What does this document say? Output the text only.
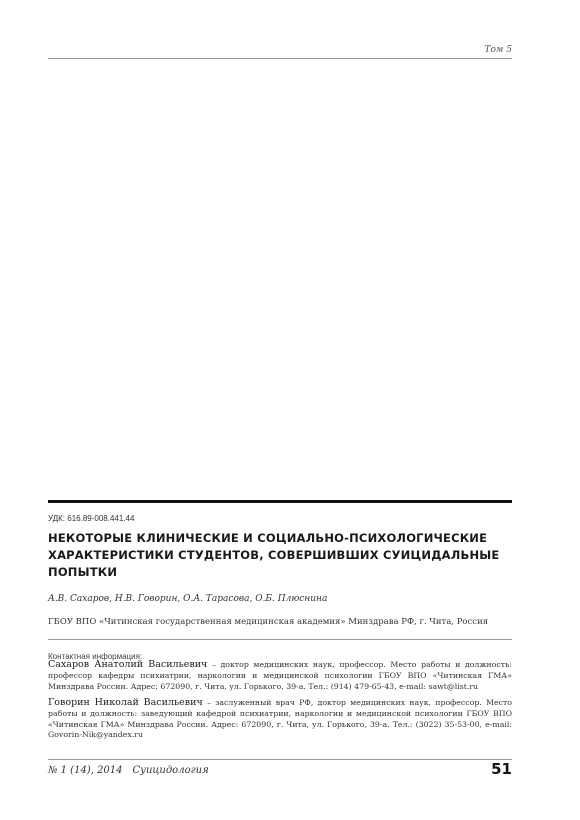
Том 5
УДК: 616.89-008.441.44
НЕКОТОРЫЕ КЛИНИЧЕСКИЕ И СОЦИАЛЬНО-ПСИХОЛОГИЧЕСКИЕ ХАРАКТЕРИСТИКИ СТУДЕНТОВ, СОВЕРШИВШИХ СУИЦИДАЛЬНЫЕ ПОПЫТКИ
А.В. Сахаров, Н.В. Говорин, О.А. Тарасова, О.Б. Плюснина
ГБОУ ВПО «Читинская государственная медицинская академия» Минздрава РФ, г. Чита, Россия
Контактная информация:

Сахаров Анатолий Васильевич – доктор медицинских наук, профессор. Место работы и должность: профессор кафедры психиатрии, наркологии и медицинской психологии ГБОУ ВПО «Читинская ГМА» Минздрава России. Адрес: 672090, г. Чита, ул. Горького, 39-а. Тел.: (914) 479-65-43, e-mail: sawt@list.ru

Говорин Николай Васильевич – заслуженный врач РФ, доктор медицинских наук, профессор. Место работы и должность: заведующий кафедрой психиатрии, наркологии и медицинской психологии ГБОУ ВПО «Читинская ГМА» Минздрава России. Адрес: 672090, г. Чита, ул. Горького, 39-а. Тел.: (3022) 35-53-00, e-mail: Govorin-Nik@yandex.ru

№ 1 (14), 2014 Суицидология	51
